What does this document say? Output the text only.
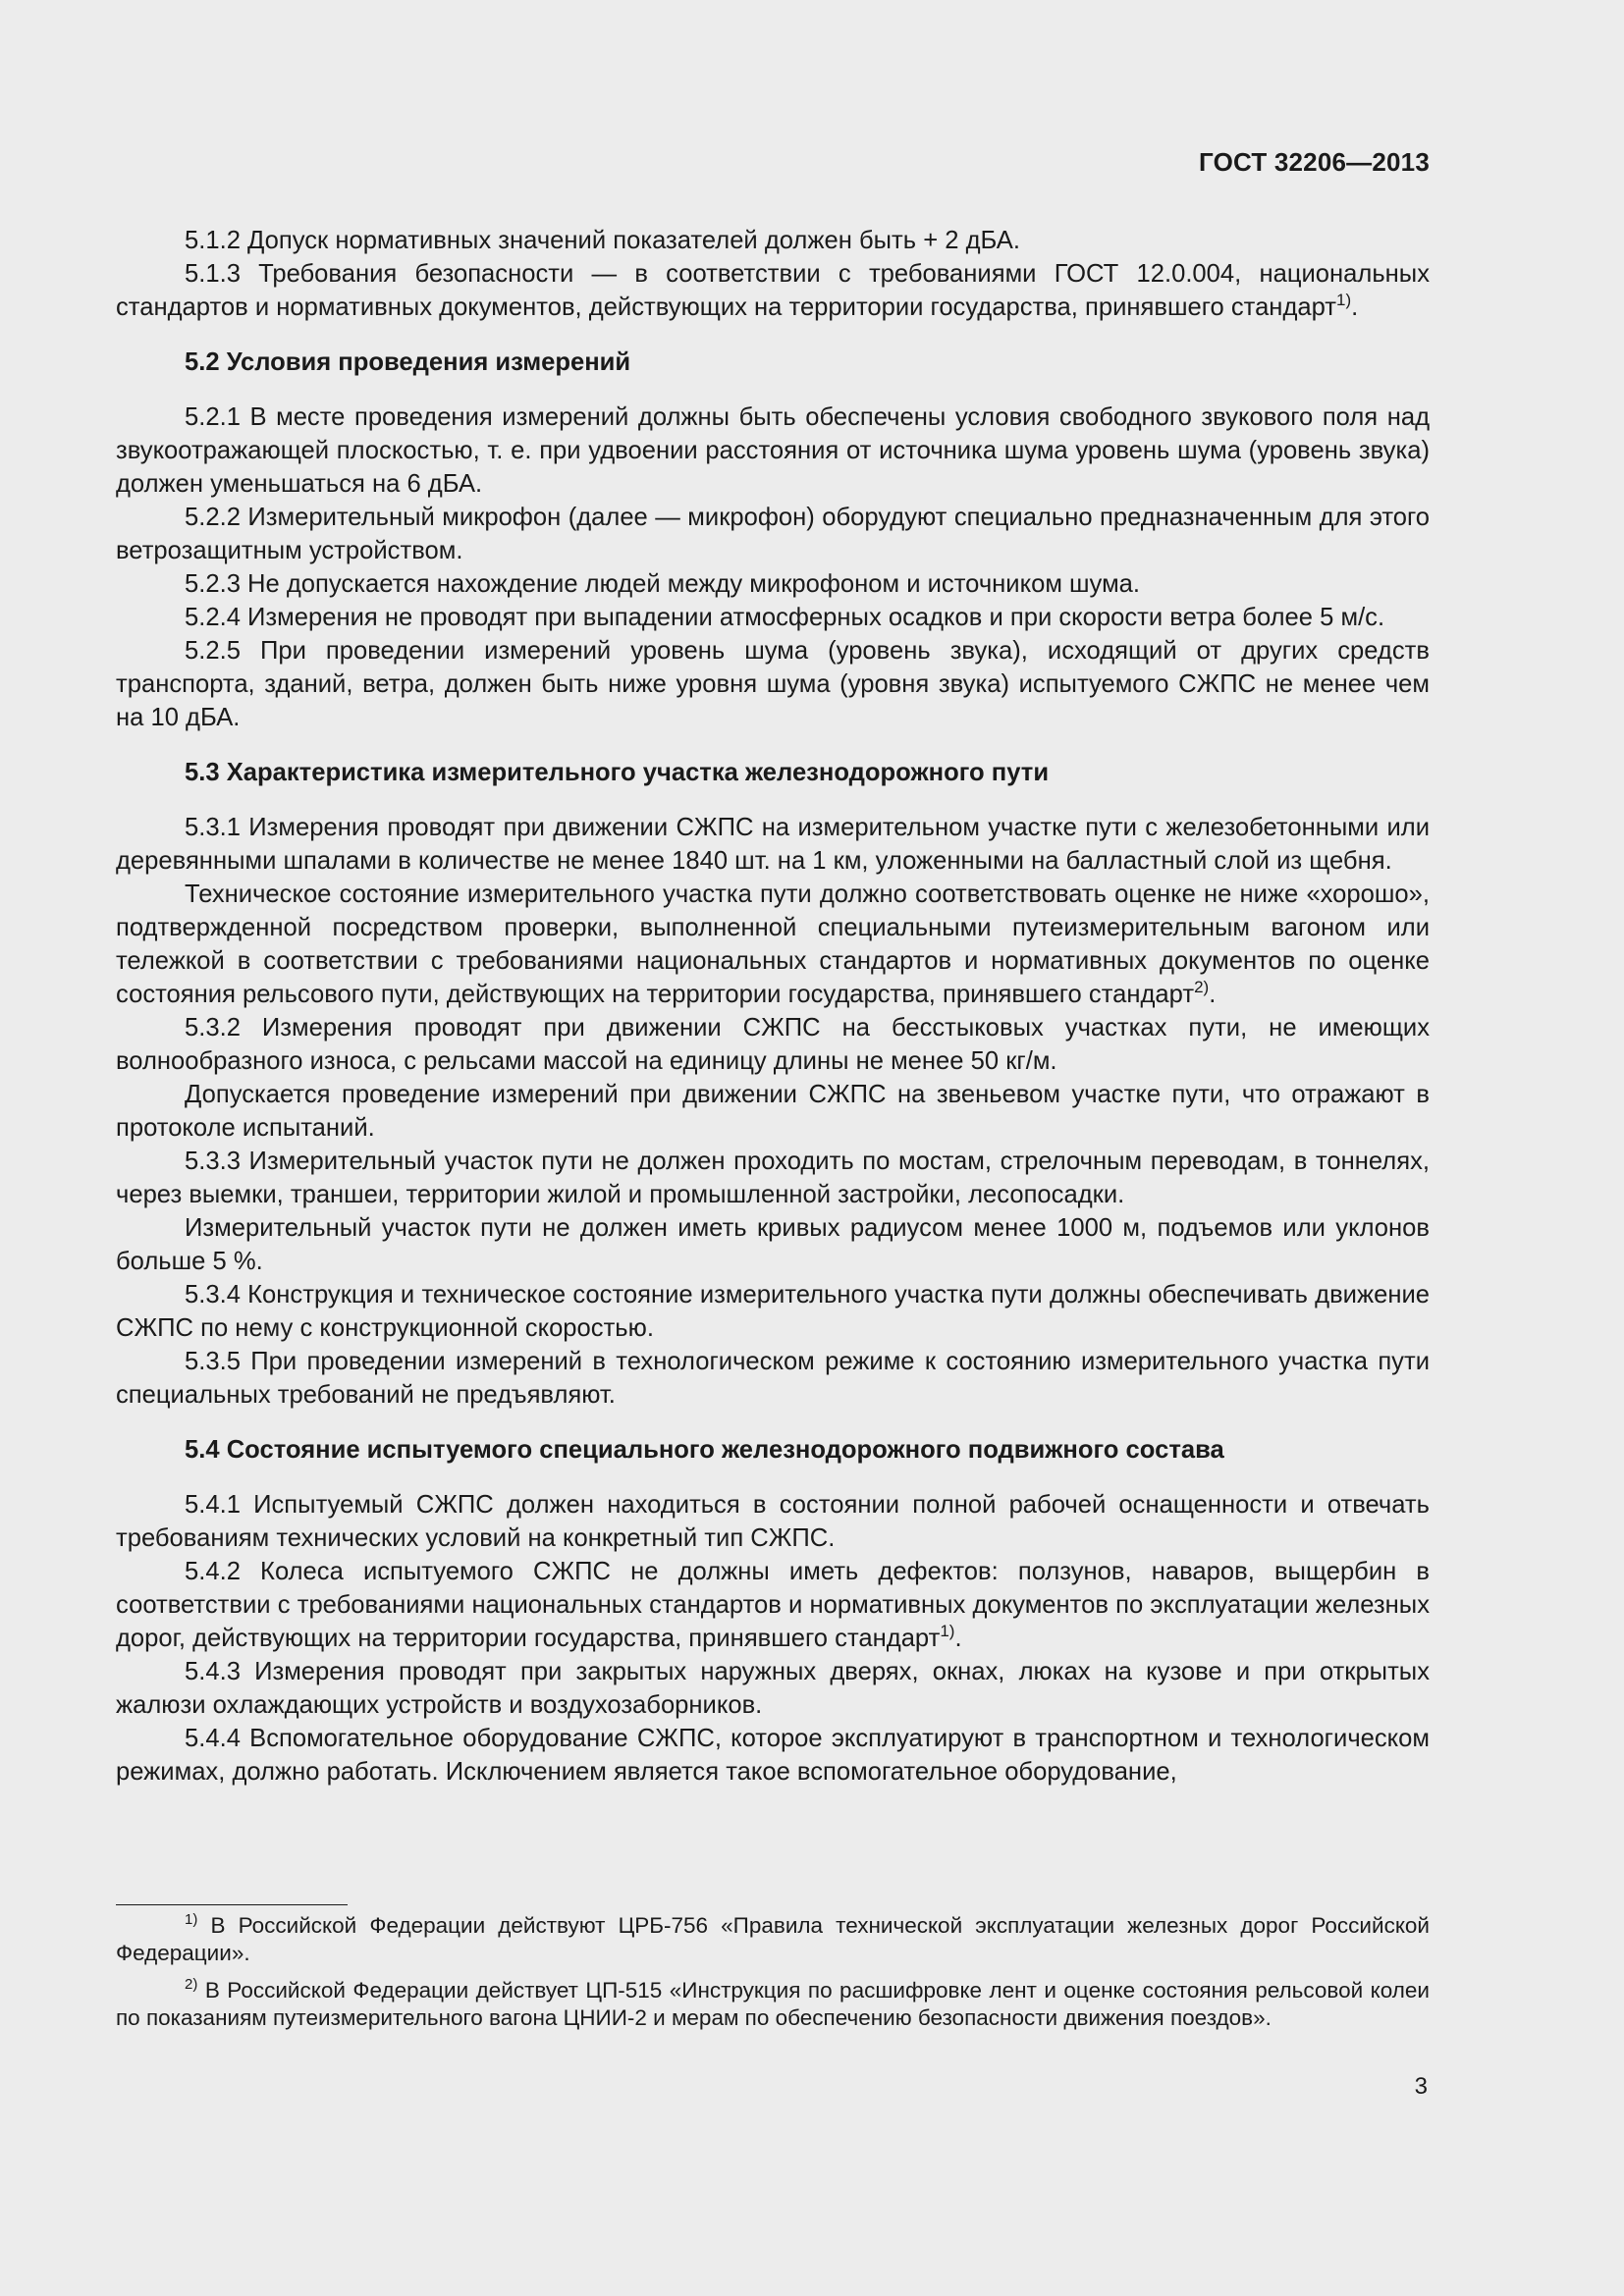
ГОСТ 32206—2013

5.1.2 Допуск нормативных значений показателей должен быть + 2 дБА.

5.1.3 Требования безопасности — в соответствии с требованиями ГОСТ 12.0.004, национальных стандартов и нормативных документов, действующих на территории государства, принявшего стандарт$^{1)}$.

5.2 Условия проведения измерений

5.2.1 В месте проведения измерений должны быть обеспечены условия свободного звукового поля над звукоотражающей плоскостью, т. е. при удвоении расстояния от источника шума уровень шума (уровень звука) должен уменьшаться на 6 дБА.

5.2.2 Измерительный микрофон (далее — микрофон) оборудуют специально предназначенным для этого ветрозащитным устройством.

5.2.3 Не допускается нахождение людей между микрофоном и источником шума.

5.2.4 Измерения не проводят при выпадении атмосферных осадков и при скорости ветра более 5 м/с.

5.2.5 При проведении измерений уровень шума (уровень звука), исходящий от других средств транспорта, зданий, ветра, должен быть ниже уровня шума (уровня звука) испытуемого СЖПС не менее чем на 10 дБА.

5.3 Характеристика измерительного участка железнодорожного пути

5.3.1 Измерения проводят при движении СЖПС на измерительном участке пути с железобетонными или деревянными шпалами в количестве не менее 1840 шт. на 1 км, уложенными на балластный слой из щебня.

Техническое состояние измерительного участка пути должно соответствовать оценке не ниже «хорошо», подтвержденной посредством проверки, выполненной специальными путеизмерительным вагоном или тележкой в соответствии с требованиями национальных стандартов и нормативных документов по оценке состояния рельсового пути, действующих на территории государства, принявшего стандарт$^{2)}$.

5.3.2 Измерения проводят при движении СЖПС на бесстыковых участках пути, не имеющих волнообразного износа, с рельсами массой на единицу длины не менее 50 кг/м.

Допускается проведение измерений при движении СЖПС на звеньевом участке пути, что отражают в протоколе испытаний.

5.3.3 Измерительный участок пути не должен проходить по мостам, стрелочным переводам, в тоннелях, через выемки, траншеи, территории жилой и промышленной застройки, лесопосадки.

Измерительный участок пути не должен иметь кривых радиусом менее 1000 м, подъемов или уклонов больше 5 %.

5.3.4 Конструкция и техническое состояние измерительного участка пути должны обеспечивать движение СЖПС по нему с конструкционной скоростью.

5.3.5 При проведении измерений в технологическом режиме к состоянию измерительного участка пути специальных требований не предъявляют.

5.4 Состояние испытуемого специального железнодорожного подвижного состава

5.4.1 Испытуемый СЖПС должен находиться в состоянии полной рабочей оснащенности и отвечать требованиям технических условий на конкретный тип СЖПС.

5.4.2 Колеса испытуемого СЖПС не должны иметь дефектов: ползунов, наваров, выщербин в соответствии с требованиями национальных стандартов и нормативных документов по эксплуатации железных дорог, действующих на территории государства, принявшего стандарт$^{1)}$.

5.4.3 Измерения проводят при закрытых наружных дверях, окнах, люках на кузове и при открытых жалюзи охлаждающих устройств и воздухозаборников.

5.4.4 Вспомогательное оборудование СЖПС, которое эксплуатируют в транспортном и технологическом режимах, должно работать. Исключением является такое вспомогательное оборудование,

$^{1)}$ В Российской Федерации действуют ЦРБ-756 «Правила технической эксплуатации железных дорог Российской Федерации».

$^{2)}$ В Российской Федерации действует ЦП-515 «Инструкция по расшифровке лент и оценке состояния рельсовой колеи по показаниям путеизмерительного вагона ЦНИИ-2 и мерам по обеспечению безопасности движения поездов».

3
